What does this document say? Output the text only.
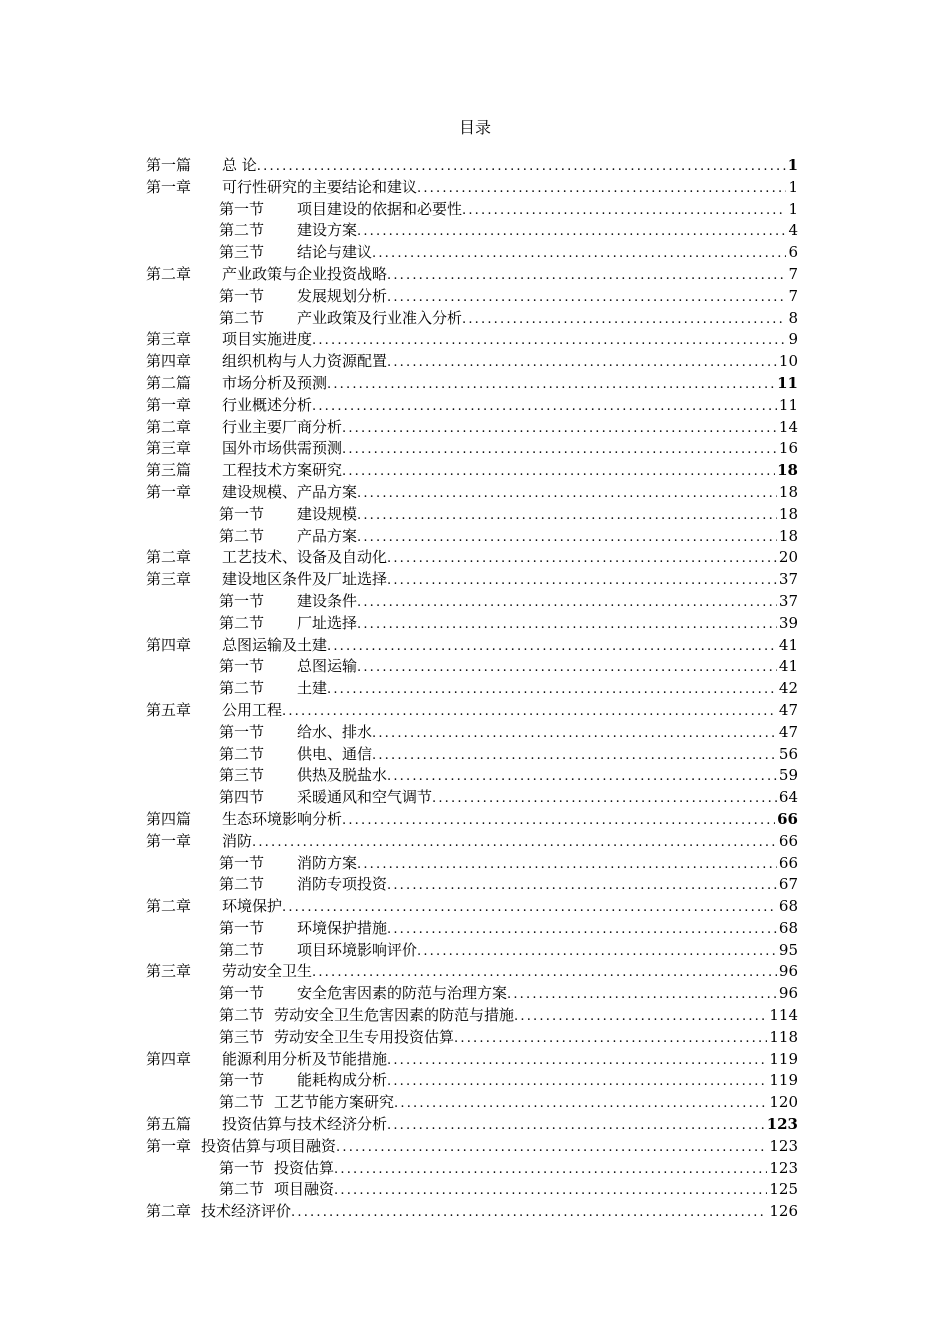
目录
第一篇	总 论 .....	1
第一章	可行性研究的主要结论和建议 .....	1
第一节	项目建设的依据和必要性 .....	1
第二节	建设方案 .....	4
第三节	结论与建议 .....	6
第二章	产业政策与企业投资战略 .....	7
第一节	发展规划分析 .....	7
第二节	产业政策及行业准入分析 .....	8
第三章	项目实施进度 .....	9
第四章	组织机构与人力资源配置 .....	10
第二篇	市场分析及预测 .....	11
第一章	行业概述分析 .....	11
第二章	行业主要厂商分析 .....	14
第三章	国外市场供需预测 .....	16
第三篇	工程技术方案研究 .....	18
第一章	建设规模、产品方案 .....	18
第一节	建设规模 .....	18
第二节	产品方案 .....	18
第二章	工艺技术、设备及自动化 .....	20
第三章	建设地区条件及厂址选择 .....	37
第一节	建设条件 .....	37
第二节	厂址选择 .....	39
第四章	总图运输及土建 .....	41
第一节	总图运输 .....	41
第二节	土建 .....	42
第五章	公用工程 .....	47
第一节	给水、排水 .....	47
第二节	供电、通信 .....	56
第三节	供热及脱盐水 .....	59
第四节	采暖通风和空气调节 .....	64
第四篇	生态环境影响分析 .....	66
第一章	消防 .....	66
第一节	消防方案 .....	66
第二节	消防专项投资 .....	67
第二章	环境保护 .....	68
第一节	环境保护措施 .....	68
第二节	项目环境影响评价 .....	95
第三章	劳动安全卫生 .....	96
第一节	安全危害因素的防范与治理方案 .....	96
第二节 劳动安全卫生危害因素的防范与措施 .....	114
第三节 劳动安全卫生专用投资估算 .....	118
第四章	能源利用分析及节能措施 .....	119
第一节	能耗构成分析 .....	119
第二节 工艺节能方案研究 .....	120
第五篇	投资估算与技术经济分析 .....	123
第一章 投资估算与项目融资 .....	123
第一节 投资估算 .....	123
第二节 项目融资 .....	125
第二章 技术经济评价 .....	126
